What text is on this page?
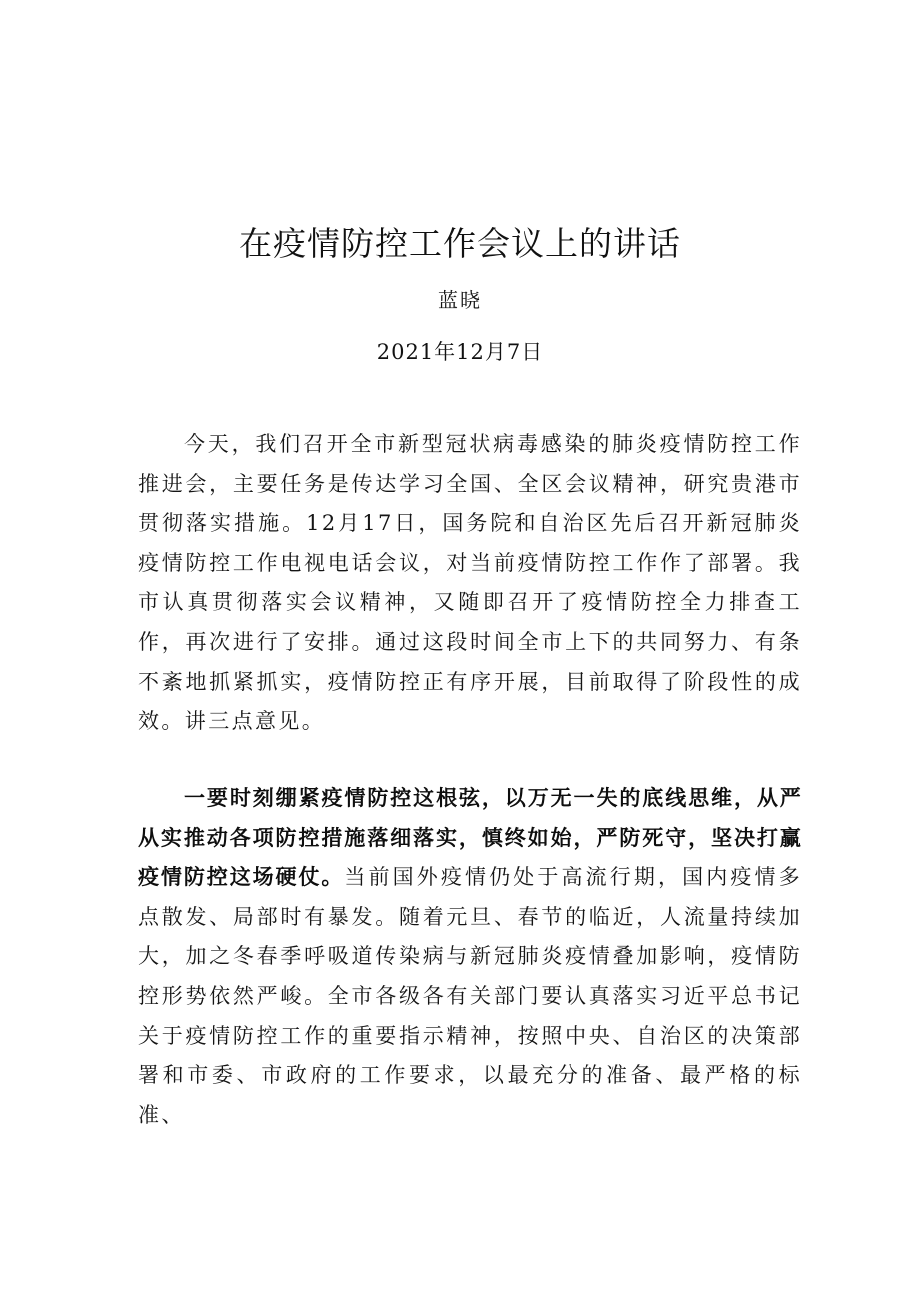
在疫情防控工作会议上的讲话
蓝晓
2021年12月7日

今天，我们召开全市新型冠状病毒感染的肺炎疫情防控工作推进会，主要任务是传达学习全国、全区会议精神，研究贵港市贯彻落实措施。12月17日，国务院和自治区先后召开新冠肺炎疫情防控工作电视电话会议，对当前疫情防控工作作了部署。我市认真贯彻落实会议精神，又随即召开了疫情防控全力排查工作，再次进行了安排。通过这段时间全市上下的共同努力、有条不紊地抓紧抓实，疫情防控正有序开展，目前取得了阶段性的成效。讲三点意见。

一要时刻绷紧疫情防控这根弦，以万无一失的底线思维，从严从实推动各项防控措施落细落实，慎终如始，严防死守，坚决打赢疫情防控这场硬仗。当前国外疫情仍处于高流行期，国内疫情多点散发、局部时有暴发。随着元旦、春节的临近，人流量持续加大，加之冬春季呼吸道传染病与新冠肺炎疫情叠加影响，疫情防控形势依然严峻。全市各级各有关部门要认真落实习近平总书记关于疫情防控工作的重要指示精神，按照中央、自治区的决策部署和市委、市政府的工作要求，以最充分的准备、最严格的标准、
